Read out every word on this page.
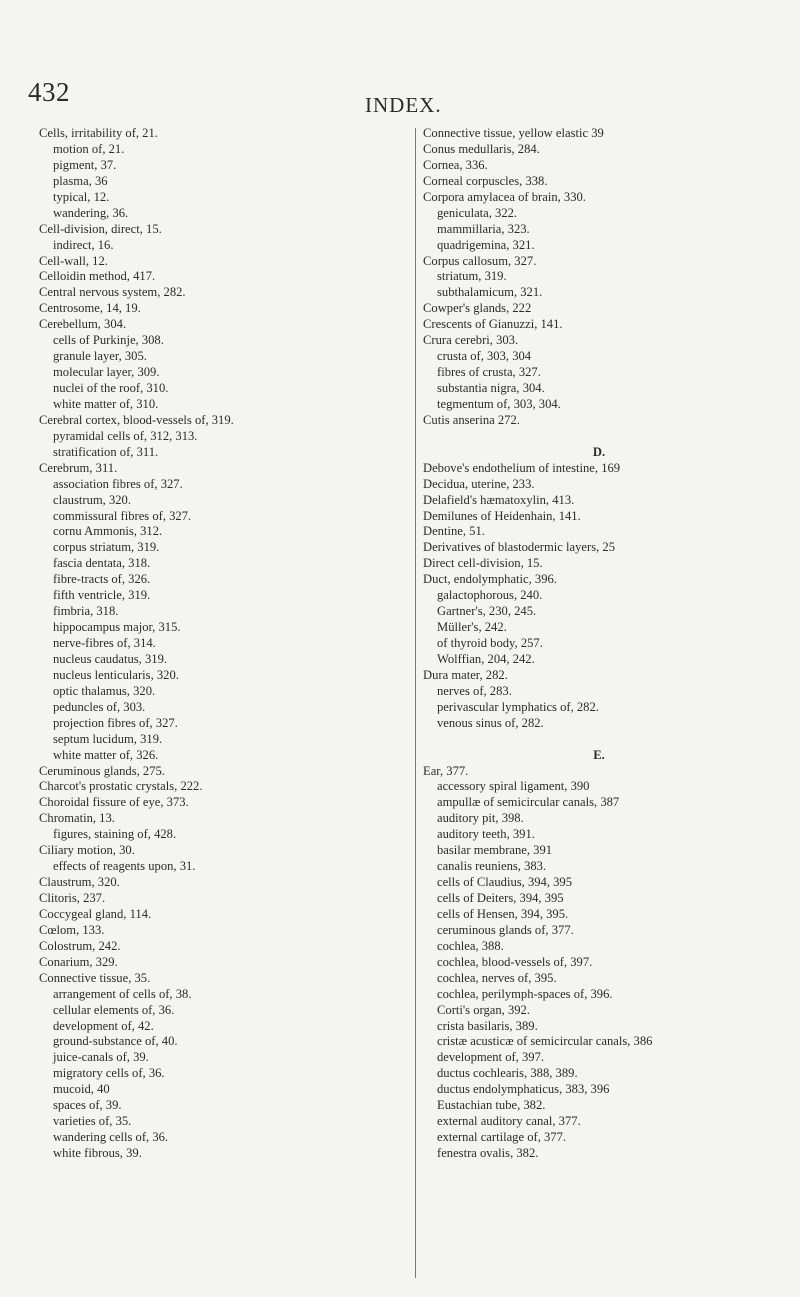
432	INDEX.
Cells, irritability of, 21.
motion of, 21.
pigment, 37.
plasma, 36
typical, 12.
wandering, 36.
Cell-division, direct, 15.
indirect, 16.
Cell-wall, 12.
Celloidin method, 417.
Central nervous system, 282.
Centrosome, 14, 19.
Cerebellum, 304.
cells of Purkinje, 308.
granule layer, 305.
molecular layer, 309.
nuclei of the roof, 310.
white matter of, 310.
Cerebral cortex, blood-vessels of, 319.
pyramidal cells of, 312, 313.
stratification of, 311.
Cerebrum, 311.
association fibres of, 327.
claustrum, 320.
commissural fibres of, 327.
cornu Ammonis, 312.
corpus striatum, 319.
fascia dentata, 318.
fibre-tracts of, 326.
fifth ventricle, 319.
fimbria, 318.
hippocampus major, 315.
nerve-fibres of, 314.
nucleus caudatus, 319.
nucleus lenticularis, 320.
optic thalamus, 320.
peduncles of, 303.
projection fibres of, 327.
septum lucidum, 319.
white matter of, 326.
Ceruminous glands, 275.
Charcot's prostatic crystals, 222.
Choroidal fissure of eye, 373.
Chromatin, 13.
figures, staining of, 428.
Ciliary motion, 30.
effects of reagents upon, 31.
Claustrum, 320.
Clitoris, 237.
Coccygeal gland, 114.
Cœlom, 133.
Colostrum, 242.
Conarium, 329.
Connective tissue, 35.
arrangement of cells of, 38.
cellular elements of, 36.
development of, 42.
ground-substance of, 40.
juice-canals of, 39.
migratory cells of, 36.
mucoid, 40
spaces of, 39.
varieties of, 35.
wandering cells of, 36.
white fibrous, 39.
Connective tissue, yellow elastic 39
Conus medullaris, 284.
Cornea, 336.
Corneal corpuscles, 338.
Corpora amylacea of brain, 330.
geniculata, 322.
mammillaria, 323.
quadrigemina, 321.
Corpus callosum, 327.
striatum, 319.
subthalamicum, 321.
Cowper's glands, 222
Crescents of Gianuzzi, 141.
Crura cerebri, 303.
crusta of, 303, 304
fibres of crusta, 327.
substantia nigra, 304.
tegmentum of, 303, 304.
Cutis anserina 272.
D.
Debove's endothelium of intestine, 169
Decidua, uterine, 233.
Delafield's hæmatoxylin, 413.
Demilunes of Heidenhain, 141.
Dentine, 51.
Derivatives of blastodermic layers, 25
Direct cell-division, 15.
Duct, endolymphatic, 396.
galactophorous, 240.
Gartner's, 230, 245.
Müller's, 242.
of thyroid body, 257.
Wolffian, 204, 242.
Dura mater, 282.
nerves of, 283.
perivascular lymphatics of, 282.
venous sinus of, 282.
E.
Ear, 377.
accessory spiral ligament, 390
ampullæ of semicircular canals, 387
auditory pit, 398.
auditory teeth, 391.
basilar membrane, 391
canalis reuniens, 383.
cells of Claudius, 394, 395
cells of Deiters, 394, 395
cells of Hensen, 394, 395.
ceruminous glands of, 377.
cochlea, 388.
cochlea, blood-vessels of, 397.
cochlea, nerves of, 395.
cochlea, perilymph-spaces of, 396.
Corti's organ, 392.
crista basilaris, 389.
cristæ acusticæ of semicircular canals, 386
development of, 397.
ductus cochlearis, 388, 389.
ductus endolymphaticus, 383, 396
Eustachian tube, 382.
external auditory canal, 377.
external cartilage of, 377.
fenestra ovalis, 382.
